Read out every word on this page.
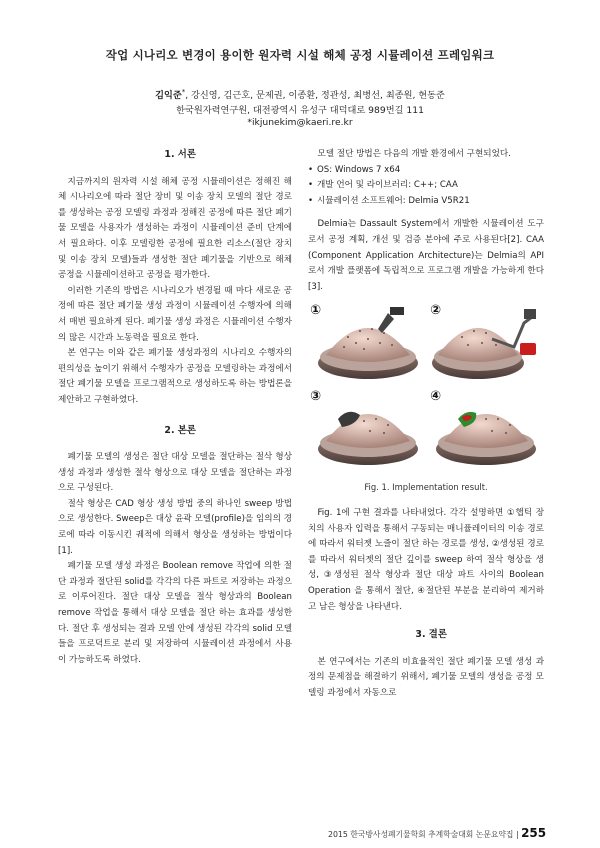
작업 시나리오 변경이 용이한 원자력 시설 해체 공정 시뮬레이션 프레임워크
김익준*, 강신영, 김근호, 문제권, 이종환, 정관성, 최병선, 최종원, 현동준
한국원자력연구원, 대전광역시 유성구 대덕대로 989번길 111
*ikjunekim@kaeri.re.kr

1. 서론

지금까지의 원자력 시설 해체 공정 시뮬레이션은 정해진 해체 시나리오에 따라 절단 장비 및 이송 장치 모델의 절단 경로를 생성하는 공정 모델링 과정과 정해진 공정에 따른 절단 폐기물 모델을 사용자가 생성하는 과정이 시뮬레이션 준비 단계에서 필요하다. 이후 모델링한 공정에 필요한 리소스(절단 장치 및 이송 장치 모델)들과 생성한 절단 폐기물을 기반으로 해체 공정을 시뮬레이션하고 공정을 평가한다.

이러한 기존의 방법은 시나리오가 변경될 때 마다 새로운 공정에 따른 절단 폐기물 생성 과정이 시뮬레이션 수행자에 의해서 매번 필요하게 된다. 폐기물 생성 과정은 시뮬레이션 수행자의 많은 시간과 노동력을 필요로 한다.

본 연구는 이와 같은 폐기물 생성과정의 시나리오 수행자의 편의성을 높이기 위해서 수행자가 공정을 모델링하는 과정에서 절단 폐기물 모델을 프로그램적으로 생성하도록 하는 방법론을 제안하고 구현하였다.

2. 본론

폐기물 모델의 생성은 절단 대상 모델을 절단하는 절삭 형상 생성 과정과 생성한 절삭 형상으로 대상 모델을 절단하는 과정으로 구성된다.

절삭 형상은 CAD 형상 생성 방법 중의 하나인 sweep 방법으로 생성한다. Sweep은 대상 윤곽 모델(profile)을 임의의 경로에 따라 이동시킨 궤적에 의해서 형상을 생성하는 방법이다[1].

폐기물 모델 생성 과정은 Boolean remove 작업에 의한 절단 과정과 절단된 solid를 각각의 다른 파트로 저장하는 과정으로 이루어진다. 절단 대상 모델을 절삭 형상과의 Boolean remove 작업을 통해서 대상 모델을 절단 하는 효과를 생성한다. 절단 후 생성되는 결과 모델 안에 생성된 각각의 solid 모델들을 프로덕트로 분리 및 저장하여 시뮬레이션 과정에서 사용이 가능하도록 하였다.

모델 절단 방법은 다음의 개발 환경에서 구현되었다.

• OS: Windows 7 x64
• 개발 언어 및 라이브러리: C++; CAA
• 시뮬레이션 소프트웨어: Delmia V5R21

Delmia는 Dassault System에서 개발한 시뮬레이션 도구로서 공정 계획, 개선 및 검증 분야에 주로 사용된다[2]. CAA (Component Application Architecture)는 Delmia의 API로서 개발 플랫폼에 독립적으로 프로그램 개발을 가능하게 한다[3].

①	②
③	④
Fig. 1. Implementation result.

Fig. 1에 구현 결과를 나타내었다. 각각 설명하면 ①햅틱 장치의 사용자 입력을 통해서 구동되는 매니퓰레이터의 이송 경로에 따라서 워터젯 노즐이 절단 하는 경로를 생성, ②생성된 경로를 따라서 워터젯의 절단 깊이를 sweep 하여 절삭 형상을 생성, ③생성된 절삭 형상과 절단 대상 파트 사이의 Boolean Operation 을 통해서 절단, ④절단된 부분을 분리하여 제거하고 남은 형상을 나타낸다.

3. 결론

본 연구에서는 기존의 비효율적인 절단 폐기물 모델 생성 과정의 문제점을 해결하기 위해서, 폐기물 모델의 생성을 공정 모델링 과정에서 자동으로

2015 한국방사성폐기물학회 추계학술대회 논문요약집 | 255
